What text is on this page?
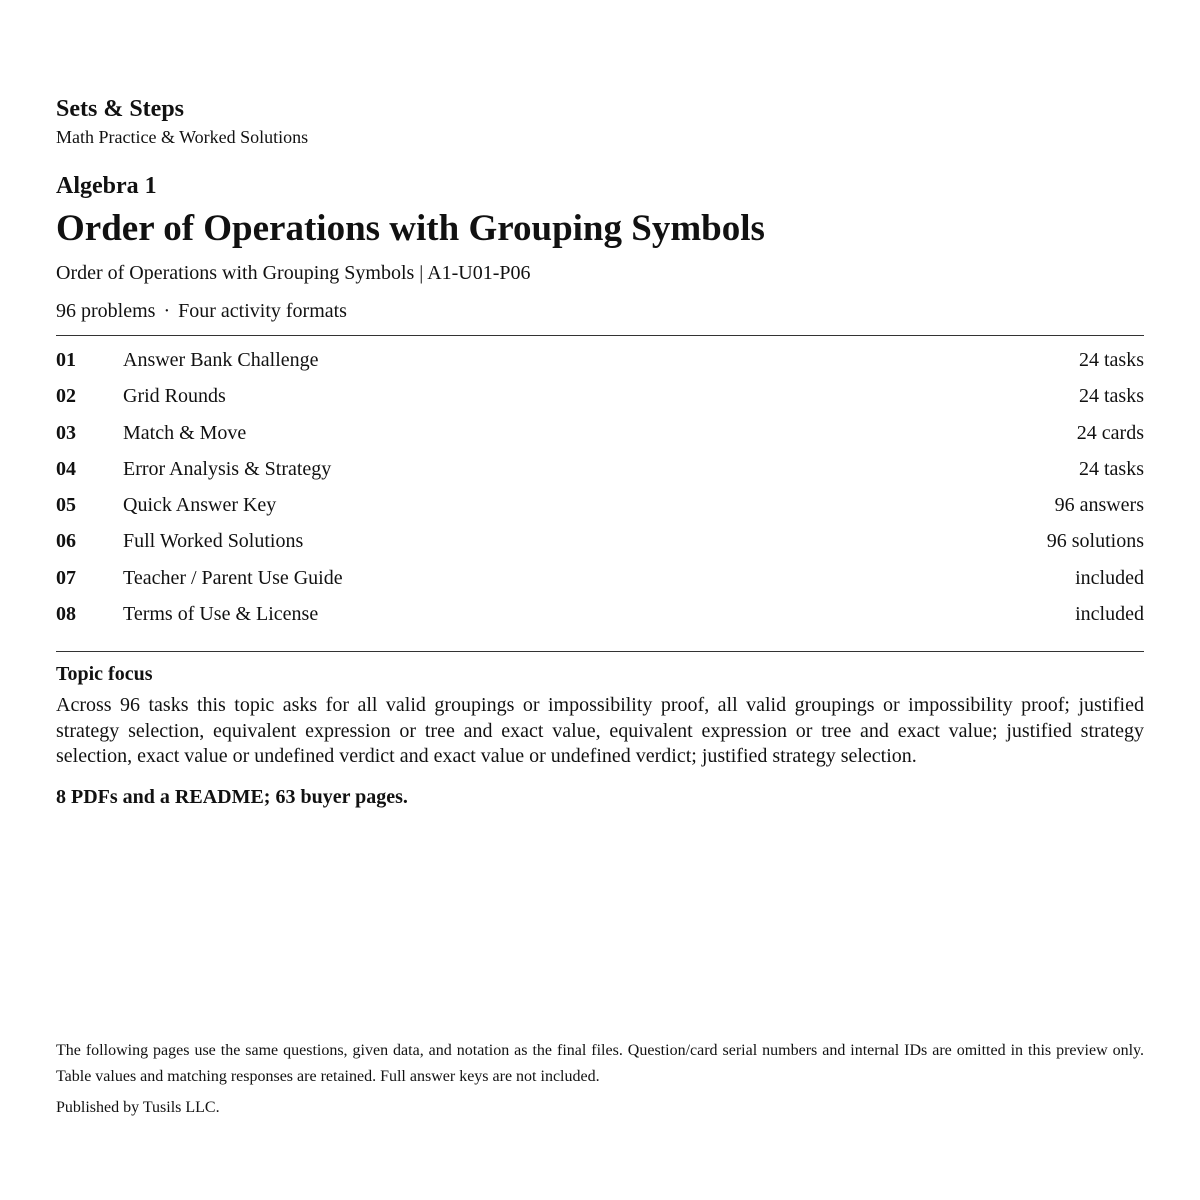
Sets & Steps
Math Practice & Worked Solutions
Algebra 1
Order of Operations with Grouping Symbols
Order of Operations with Grouping Symbols | A1-U01-P06
96 problems · Four activity formats
01 Answer Bank Challenge	24 tasks
02 Grid Rounds	24 tasks
03 Match & Move	24 cards
04 Error Analysis & Strategy	24 tasks
05 Quick Answer Key	96 answers
06 Full Worked Solutions	96 solutions
07 Teacher / Parent Use Guide	included
08 Terms of Use & License	included
Topic focus
Across 96 tasks this topic asks for all valid groupings or impossibility proof, all valid groupings or impossibility proof; justified strategy selection, equivalent expression or tree and exact value, equivalent expression or tree and exact value; justified strategy selection, exact value or undefined verdict and exact value or undefined verdict; justified strategy selection.
8 PDFs and a README; 63 buyer pages.
The following pages use the same questions, given data, and notation as the final files. Question/card serial numbers and internal IDs are omitted in this preview only. Table values and matching responses are retained. Full answer keys are not included.
Published by Tusils LLC.
